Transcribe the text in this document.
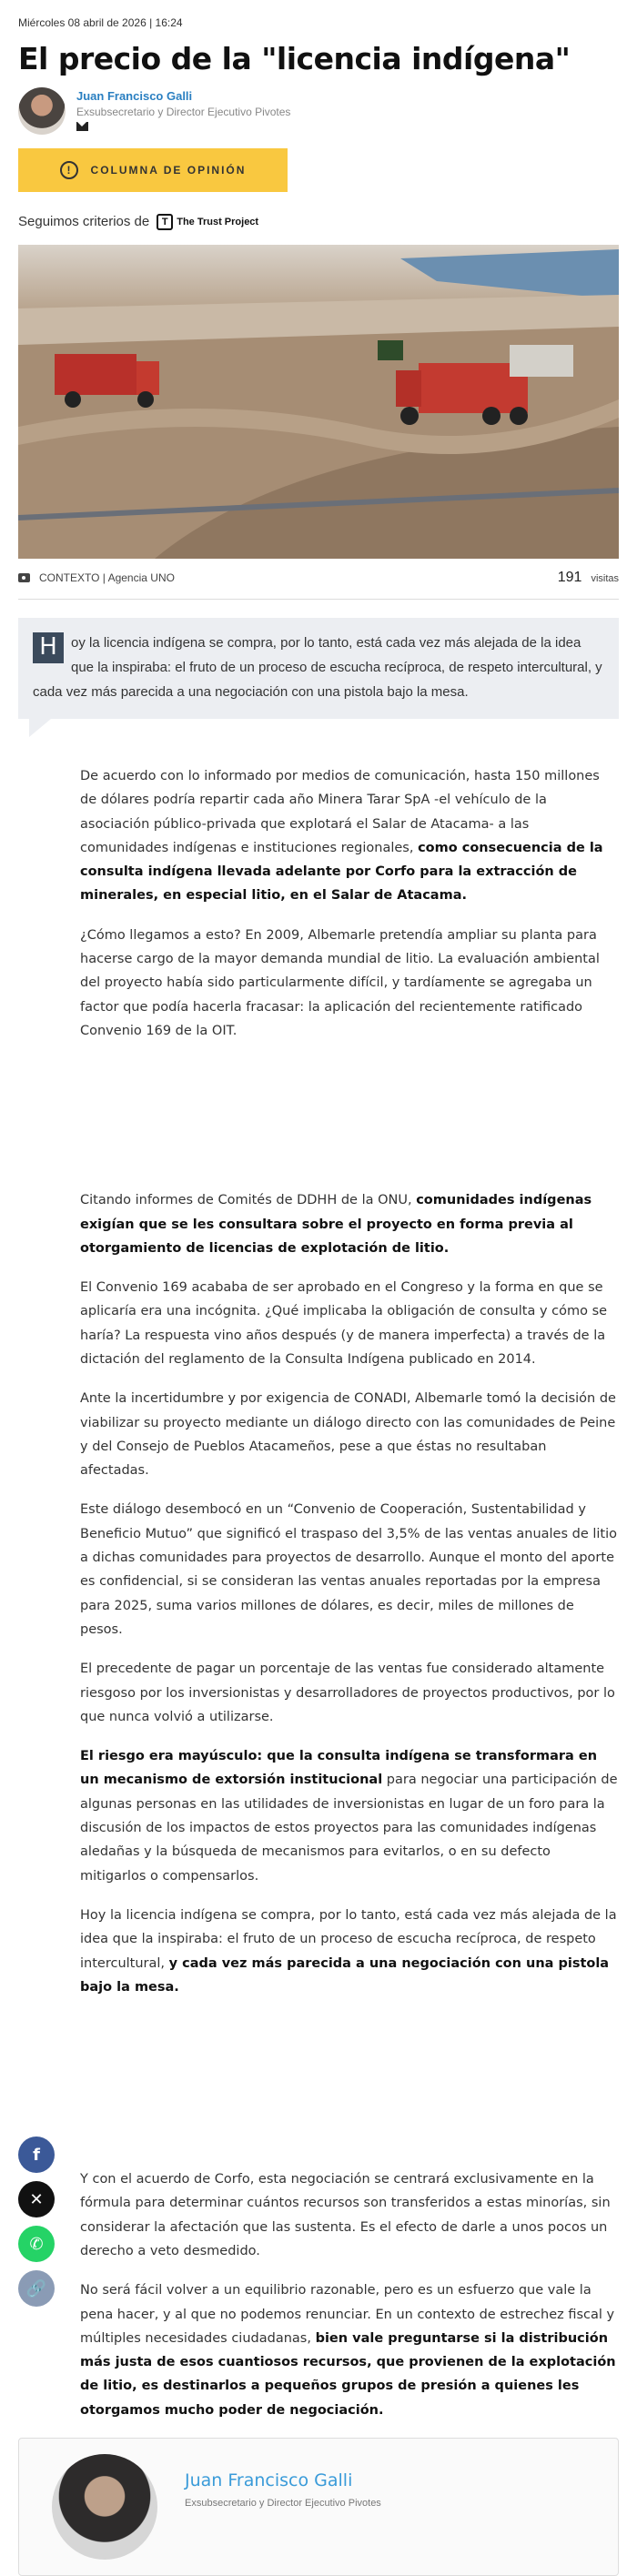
Miércoles 08 abril de 2026 | 16:24
El precio de la "licencia indígena"
Juan Francisco Galli
Exsubsecretario y Director Ejecutivo Pivotes
!	COLUMNA DE OPINIÓN
Seguimos criterios de	T The Trust Project
CONTEXTO | Agencia UNO	191 visitas
H	oy la licencia indígena se compra, por lo tanto, está cada vez más alejada de la idea que la inspiraba: el fruto de un proceso de escucha recíproca, de respeto intercultural, y cada vez más parecida a una negociación con una pistola bajo la mesa.

De acuerdo con lo informado por medios de comunicación, hasta 150 millones de dólares podría repartir cada año Minera Tarar SpA -el vehículo de la asociación público-privada que explotará el Salar de Atacama- a las comunidades indígenas e instituciones regionales, como consecuencia de la consulta indígena llevada adelante por Corfo para la extracción de minerales, en especial litio, en el Salar de Atacama.

¿Cómo llegamos a esto? En 2009, Albemarle pretendía ampliar su planta para hacerse cargo de la mayor demanda mundial de litio. La evaluación ambiental del proyecto había sido particularmente difícil, y tardíamente se agregaba un factor que podía hacerla fracasar: la aplicación del recientemente ratificado Convenio 169 de la OIT.

Citando informes de Comités de DDHH de la ONU, comunidades indígenas exigían que se les consultara sobre el proyecto en forma previa al otorgamiento de licencias de explotación de litio.

El Convenio 169 acababa de ser aprobado en el Congreso y la forma en que se aplicaría era una incógnita. ¿Qué implicaba la obligación de consulta y cómo se haría? La respuesta vino años después (y de manera imperfecta) a través de la dictación del reglamento de la Consulta Indígena publicado en 2014.

Ante la incertidumbre y por exigencia de CONADI, Albemarle tomó la decisión de viabilizar su proyecto mediante un diálogo directo con las comunidades de Peine y del Consejo de Pueblos Atacameños, pese a que éstas no resultaban afectadas.

Este diálogo desembocó en un “Convenio de Cooperación, Sustentabilidad y Beneficio Mutuo” que significó el traspaso del 3,5% de las ventas anuales de litio a dichas comunidades para proyectos de desarrollo. Aunque el monto del aporte es confidencial, si se consideran las ventas anuales reportadas por la empresa para 2025, suma varios millones de dólares, es decir, miles de millones de pesos.

El precedente de pagar un porcentaje de las ventas fue considerado altamente riesgoso por los inversionistas y desarrolladores de proyectos productivos, por lo que nunca volvió a utilizarse.

El riesgo era mayúsculo: que la consulta indígena se transformara en un mecanismo de extorsión institucional para negociar una participación de algunas personas en las utilidades de inversionistas en lugar de un foro para la discusión de los impactos de estos proyectos para las comunidades indígenas aledañas y la búsqueda de mecanismos para evitarlos, o en su defecto mitigarlos o compensarlos.

Hoy la licencia indígena se compra, por lo tanto, está cada vez más alejada de la idea que la inspiraba: el fruto de un proceso de escucha recíproca, de respeto intercultural, y cada vez más parecida a una negociación con una pistola bajo la mesa.

Y con el acuerdo de Corfo, esta negociación se centrará exclusivamente en la fórmula para determinar cuántos recursos son transferidos a estas minorías, sin considerar la afectación que las sustenta. Es el efecto de darle a unos pocos un derecho a veto desmedido.

No será fácil volver a un equilibrio razonable, pero es un esfuerzo que vale la pena hacer, y al que no podemos renunciar. En un contexto de estrechez fiscal y múltiples necesidades ciudadanas, bien vale preguntarse si la distribución más justa de esos cuantiosos recursos, que provienen de la explotación de litio, es destinarlos a pequeños grupos de presión a quienes les otorgamos mucho poder de negociación.

Juan Francisco Galli
Exsubsecretario y Director Ejecutivo Pivotes
f
✕
✆
🔗
